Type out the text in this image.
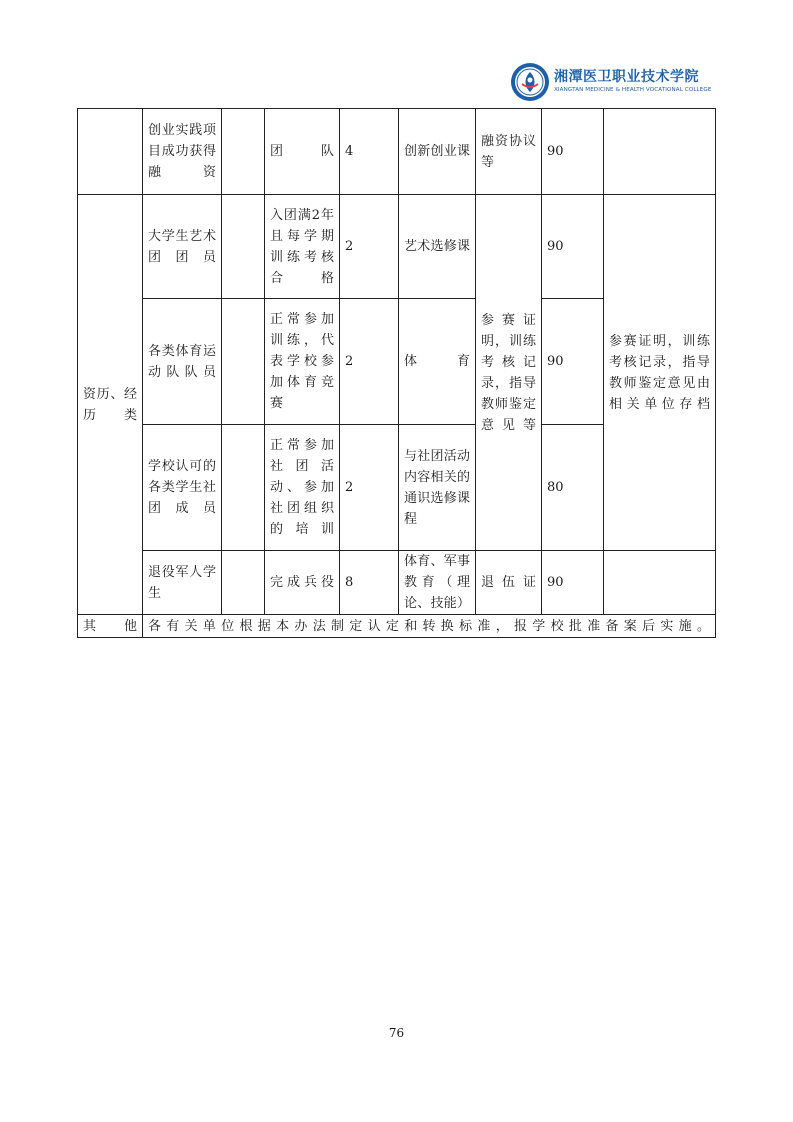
湘潭医卫职业技术学院
XIANGTAN MEDICINE & HEALTH VOCATIONAL COLLEGE
	创业实践项目成功获得融资		团队	4	创新创业课	融资协议等	90	
资历、经历类	大学生艺术团团员		入团满2年且每学期训练考核合格	2	艺术选修课	参赛证明，训练考核记录，指导教师鉴定意见等	90	参赛证明，训练考核记录，指导教师鉴定意见由相关单位存档
	各类体育运动队队员		正常参加训练，代表学校参加体育竞赛	2	体育		90	
	学校认可的各类学生社团成员		正常参加社团活动、参加社团组织的培训	2	与社团活动内容相关的通识选修课程		80	
	退役军人学生		完成兵役	8	体育、军事教育（理论、技能）	退伍证	90	
其他	各有关单位根据本办法制定认定和转换标准，报学校批准备案后实施。							
76
